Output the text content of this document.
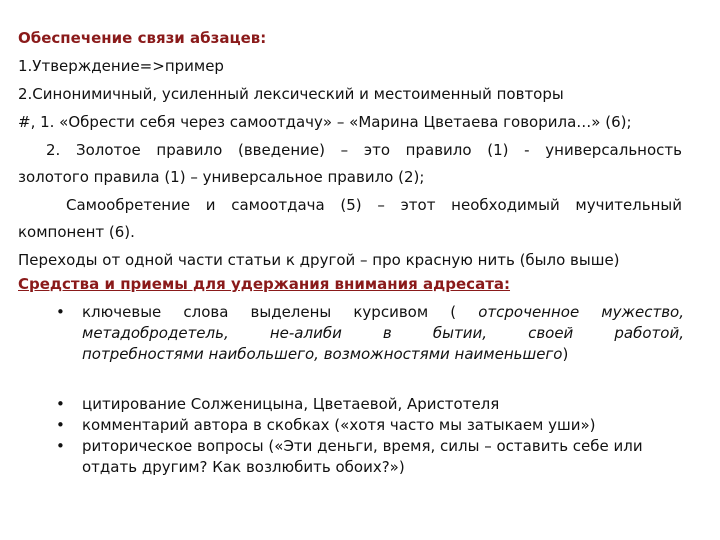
Обеспечение связи абзацев:
1.Утверждение=>пример
2.Синонимичный, усиленный лексический и местоименный повторы
#, 1. «Обрести себя через самоотдачу» – «Марина Цветаева говорила…» (6);
2. Золотое правило (введение) – это правило (1) - универсальность
золотого правила (1) – универсальное правило (2);
Самообретение и самоотдача (5) – этот необходимый мучительный
компонент (6).
Переходы от одной части статьи к другой – про красную нить (было выше)
Средства и приемы для удержания внимания адресата:
• ключевые слова выделены курсивом ( отсроченное мужество,
метадобродетель, не-алиби в бытии, своей работой,
потребностями наибольшего, возможностями наименьшего)
• цитирование Солженицына, Цветаевой, Аристотеля
• комментарий автора в скобках («хотя часто мы затыкаем уши»)
• риторическое вопросы («Эти деньги, время, силы – оставить себе или
отдать другим? Как возлюбить обоих?»)
